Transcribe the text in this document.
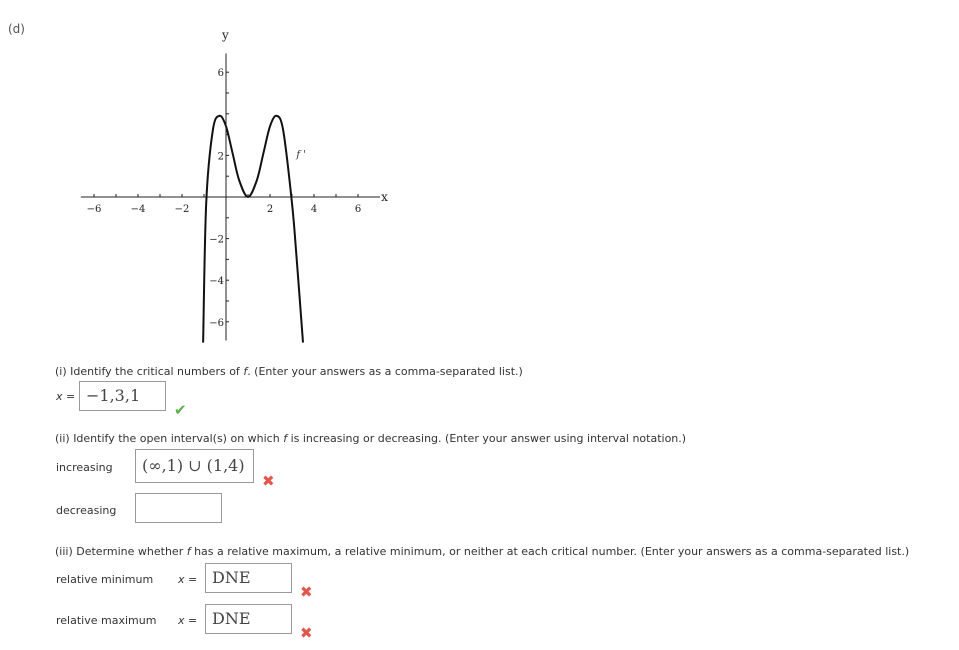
(d)
−6	−4	−2	2	4	6
−6
−4
−2
2
6
f '
x
y
(i) Identify the critical numbers of f. (Enter your answers as a comma-separated list.)
x = −1,3,1
✔
(ii) Identify the open interval(s) on which f is increasing or decreasing. (Enter your answer using interval notation.)
increasing	(∞,1) ∪ (1,4)
✖
decreasing
(iii) Determine whether f has a relative maximum, a relative minimum, or neither at each critical number. (Enter your answers as a comma-separated list.)
relative minimum x = DNE
✖
relative maximum x = DNE
✖
